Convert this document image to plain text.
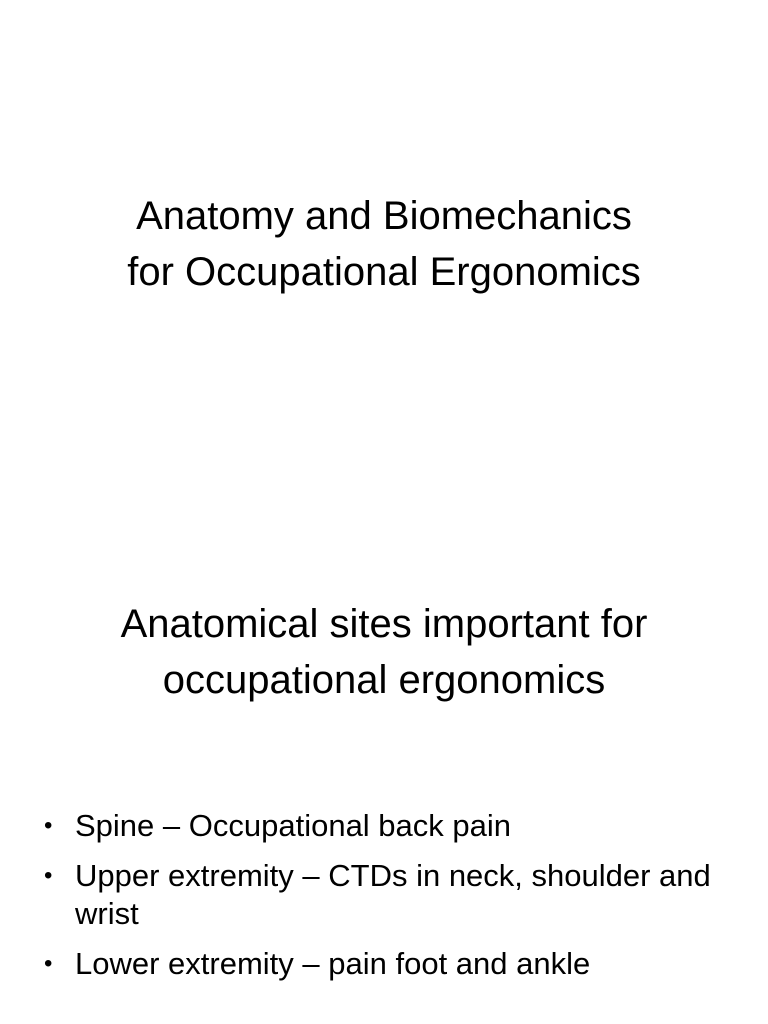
Anatomy and Biomechanics
for Occupational Ergonomics
Anatomical sites important for
occupational ergonomics
• Spine – Occupational back pain
• Upper extremity – CTDs in neck, shoulder and wrist
• Lower extremity – pain foot and ankle
